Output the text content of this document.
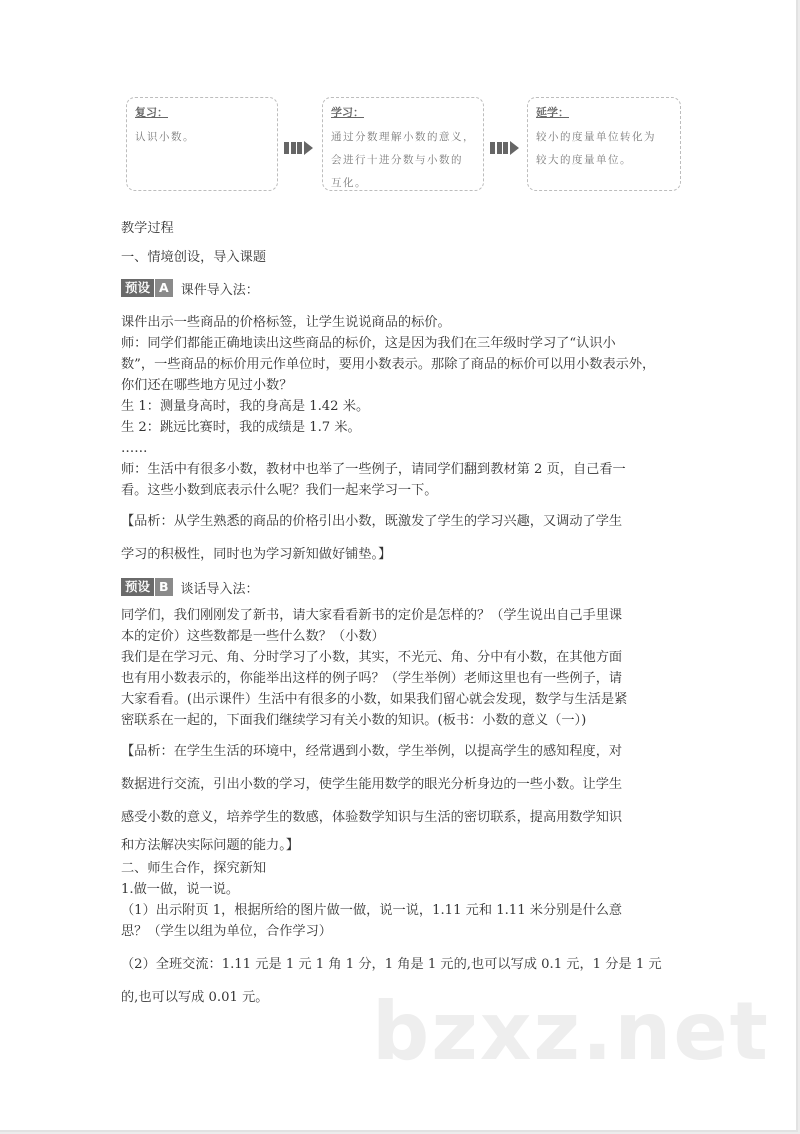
复习：
认识小数。
学习：
通过分数理解小数的意义，
会进行十进分数与小数的
互化。
延学：
较小的度量单位转化为
较大的度量单位。
教学过程
一、情境创设，导入课题
预设 A 课件导入法：
课件出示一些商品的价格标签，让学生说说商品的标价。
师：同学们都能正确地读出这些商品的标价，这是因为我们在三年级时学习了“认识小
数”，一些商品的标价用元作单位时，要用小数表示。那除了商品的标价可以用小数表示外，
你们还在哪些地方见过小数？
生 1：测量身高时，我的身高是 1.42 米。
生 2：跳远比赛时，我的成绩是 1.7 米。
……
师：生活中有很多小数，教材中也举了一些例子，请同学们翻到教材第 2 页，自己看一
看。这些小数到底表示什么呢？我们一起来学习一下。
【品析：从学生熟悉的商品的价格引出小数，既激发了学生的学习兴趣，又调动了学生
学习的积极性，同时也为学习新知做好铺垫。】
预设 B 谈话导入法：
同学们，我们刚刚发了新书，请大家看看新书的定价是怎样的？（学生说出自己手里课
本的定价）这些数都是一些什么数？（小数）
我们是在学习元、角、分时学习了小数，其实，不光元、角、分中有小数，在其他方面
也有用小数表示的，你能举出这样的例子吗？（学生举例）老师这里也有一些例子，请
大家看看。(出示课件）生活中有很多的小数，如果我们留心就会发现，数学与生活是紧
密联系在一起的，下面我们继续学习有关小数的知识。(板书：小数的意义（一）)
【品析：在学生生活的环境中，经常遇到小数，学生举例，以提高学生的感知程度，对
数据进行交流，引出小数的学习，使学生能用数学的眼光分析身边的一些小数。让学生
感受小数的意义，培养学生的数感，体验数学知识与生活的密切联系，提高用数学知识
和方法解决实际问题的能力。】
二、师生合作，探究新知
1.做一做，说一说。
（1）出示附页 1，根据所给的图片做一做，说一说，1.11 元和 1.11 米分别是什么意
思？（学生以组为单位，合作学习）
（2）全班交流：1.11 元是 1 元 1 角 1 分，1 角是 1 元的,也可以写成 0.1 元，1 分是 1 元
的,也可以写成 0.01 元。	bzxz.net
